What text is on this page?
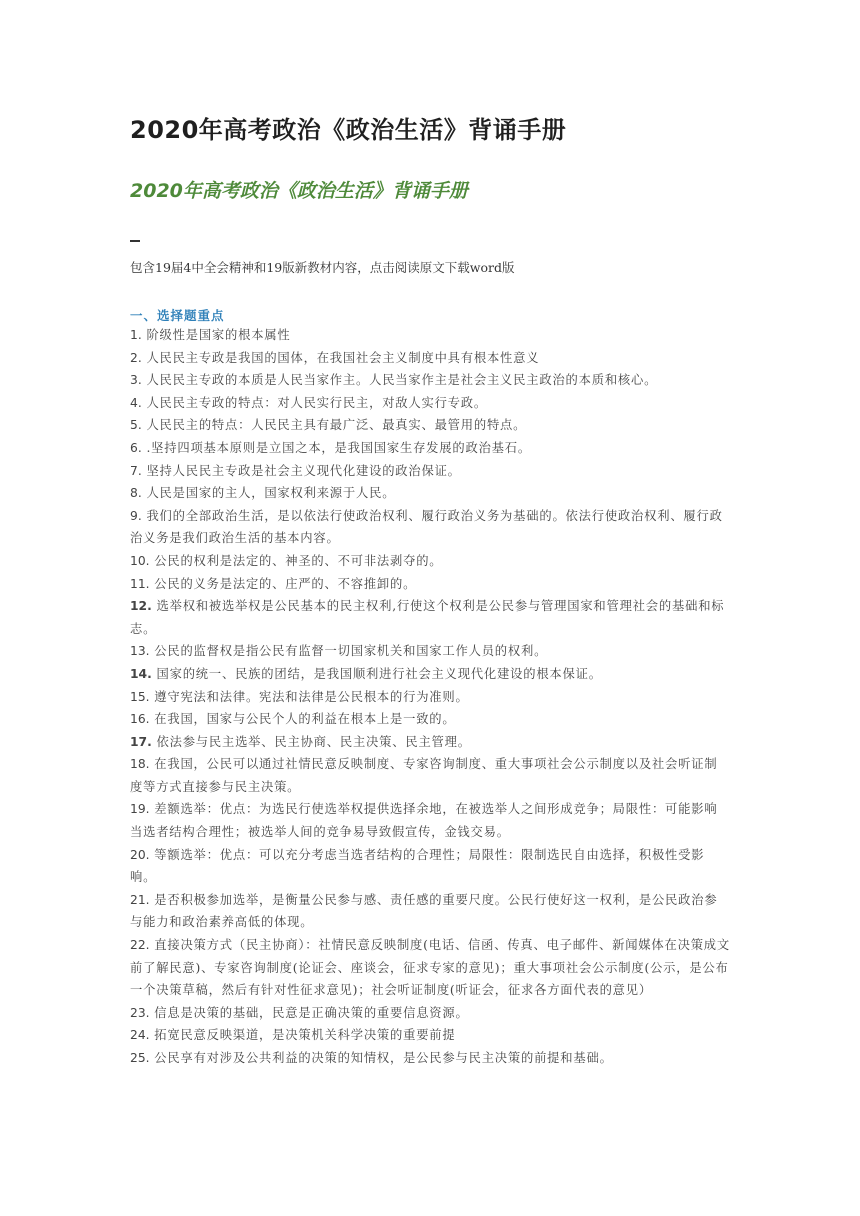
2020年高考政治《政治生活》背诵手册
2020年高考政治《政治生活》背诵手册

包含19届4中全会精神和19版新教材内容，点击阅读原文下载word版

一、选择题重点
1. 阶级性是国家的根本属性
2. 人民民主专政是我国的国体，在我国社会主义制度中具有根本性意义
3. 人民民主专政的本质是人民当家作主。人民当家作主是社会主义民主政治的本质和核心。
4. 人民民主专政的特点：对人民实行民主，对敌人实行专政。
5. 人民民主的特点：人民民主具有最广泛、最真实、最管用的特点。
6. .坚持四项基本原则是立国之本，是我国国家生存发展的政治基石。
7. 坚持人民民主专政是社会主义现代化建设的政治保证。
8. 人民是国家的主人，国家权利来源于人民。
9. 我们的全部政治生活，是以依法行使政治权利、履行政治义务为基础的。依法行使政治权利、履行政治义务是我们政治生活的基本内容。
10. 公民的权利是法定的、神圣的、不可非法剥夺的。
11. 公民的义务是法定的、庄严的、不容推卸的。
12. 选举权和被选举权是公民基本的民主权利,行使这个权利是公民参与管理国家和管理社会的基础和标志。
13. 公民的监督权是指公民有监督一切国家机关和国家工作人员的权利。
14. 国家的统一、民族的团结，是我国顺利进行社会主义现代化建设的根本保证。
15. 遵守宪法和法律。宪法和法律是公民根本的行为准则。
16. 在我国，国家与公民个人的利益在根本上是一致的。
17. 依法参与民主选举、民主协商、民主决策、民主管理。
18. 在我国，公民可以通过社情民意反映制度、专家咨询制度、重大事项社会公示制度以及社会听证制度等方式直接参与民主决策。
19. 差额选举：优点：为选民行使选举权提供选择余地，在被选举人之间形成竞争；局限性：可能影响当选者结构合理性；被选举人间的竞争易导致假宣传，金钱交易。
20. 等额选举：优点：可以充分考虑当选者结构的合理性；局限性：限制选民自由选择，积极性受影响。
21. 是否积极参加选举，是衡量公民参与感、责任感的重要尺度。公民行使好这一权利，是公民政治参与能力和政治素养高低的体现。
22. 直接决策方式（民主协商）：社情民意反映制度(电话、信函、传真、电子邮件、新闻媒体在决策成文前了解民意)、专家咨询制度(论证会、座谈会，征求专家的意见)；重大事项社会公示制度(公示，是公布一个决策草稿，然后有针对性征求意见)；社会听证制度(听证会，征求各方面代表的意见）
23. 信息是决策的基础，民意是正确决策的重要信息资源。
24. 拓宽民意反映渠道，是决策机关科学决策的重要前提
25. 公民享有对涉及公共利益的决策的知情权，是公民参与民主决策的前提和基础。
